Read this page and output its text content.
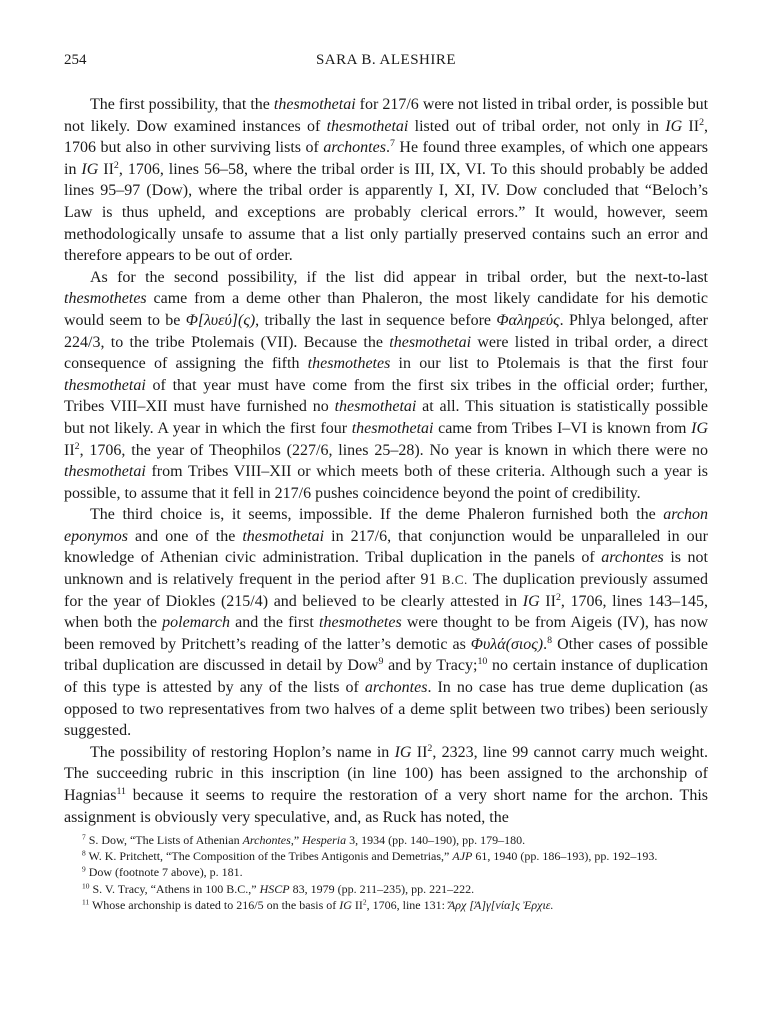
254	SARA B. ALESHIRE

The first possibility, that the thesmothetai for 217/6 were not listed in tribal order, is possible but not likely. Dow examined instances of thesmothetai listed out of tribal order, not only in IG $II^2$, 1706 but also in other surviving lists of archontes.$^7$ He found three examples, of which one appears in IG $II^2$, 1706, lines 56–58, where the tribal order is III, IX, VI. To this should probably be added lines 95–97 (Dow), where the tribal order is apparently I, XI, IV. Dow concluded that “Beloch’s Law is thus upheld, and exceptions are probably clerical errors.” It would, however, seem methodologically unsafe to assume that a list only partially preserved contains such an error and therefore appears to be out of order.

As for the second possibility, if the list did appear in tribal order, but the next-to-last thesmothetes came from a deme other than Phaleron, the most likely candidate for his demotic would seem to be Φ[λυεύ](ς), tribally the last in sequence before Φαληρεύς. Phlya belonged, after 224/3, to the tribe Ptolemais (VII). Because the thesmothetai were listed in tribal order, a direct consequence of assigning the fifth thesmothetes in our list to Ptolemais is that the first four thesmothetai of that year must have come from the first six tribes in the official order; further, Tribes VIII–XII must have furnished no thesmothetai at all. This situation is statistically possible but not likely. A year in which the first four thesmothetai came from Tribes I–VI is known from IG $II^2$, 1706, the year of Theophilos (227/6, lines 25–28). No year is known in which there were no thesmothetai from Tribes VIII–XII or which meets both of these criteria. Although such a year is possible, to assume that it fell in 217/6 pushes coincidence beyond the point of credibility.

The third choice is, it seems, impossible. If the deme Phaleron furnished both the archon eponymos and one of the thesmothetai in 217/6, that conjunction would be unparalleled in our knowledge of Athenian civic administration. Tribal duplication in the panels of archontes is not unknown and is relatively frequent in the period after 91 B.C. The duplication previously assumed for the year of Diokles (215/4) and believed to be clearly attested in IG $II^2$, 1706, lines 143–145, when both the polemarch and the first thesmothetes were thought to be from Aigeis (IV), has now been removed by Pritchett’s reading of the latter’s demotic as Φυλά(σιος).$^8$ Other cases of possible tribal duplication are discussed in detail by Dow$^9$ and by Tracy;$^{10}$ no certain instance of duplication of this type is attested by any of the lists of archontes. In no case has true deme duplication (as opposed to two representatives from two halves of a deme split between two tribes) been seriously suggested.

The possibility of restoring Hoplon’s name in IG $II^2$, 2323, line 99 cannot carry much weight. The succeeding rubric in this inscription (in line 100) has been assigned to the archonship of Hagnias$^{11}$ because it seems to require the restoration of a very short name for the archon. This assignment is obviously very speculative, and, as Ruck has noted, the

$^7$ S. Dow, “The Lists of Athenian Archontes,” Hesperia 3, 1934 (pp. 140–190), pp. 179–180.

$^8$ W. K. Pritchett, “The Composition of the Tribes Antigonis and Demetrias,” AJP 61, 1940 (pp. 186–193), pp. 192–193.

$^9$ Dow (footnote 7 above), p. 181.

$^{10}$ S. V. Tracy, “Athens in 100 B.C.,” HSCP 83, 1979 (pp. 211–235), pp. 221–222.

$^{11}$ Whose archonship is dated to 216/5 on the basis of IG $II^2$, 1706, line 131: Ἄρχ [Ἁ]γ[νία]ς Ἐρχιε.
